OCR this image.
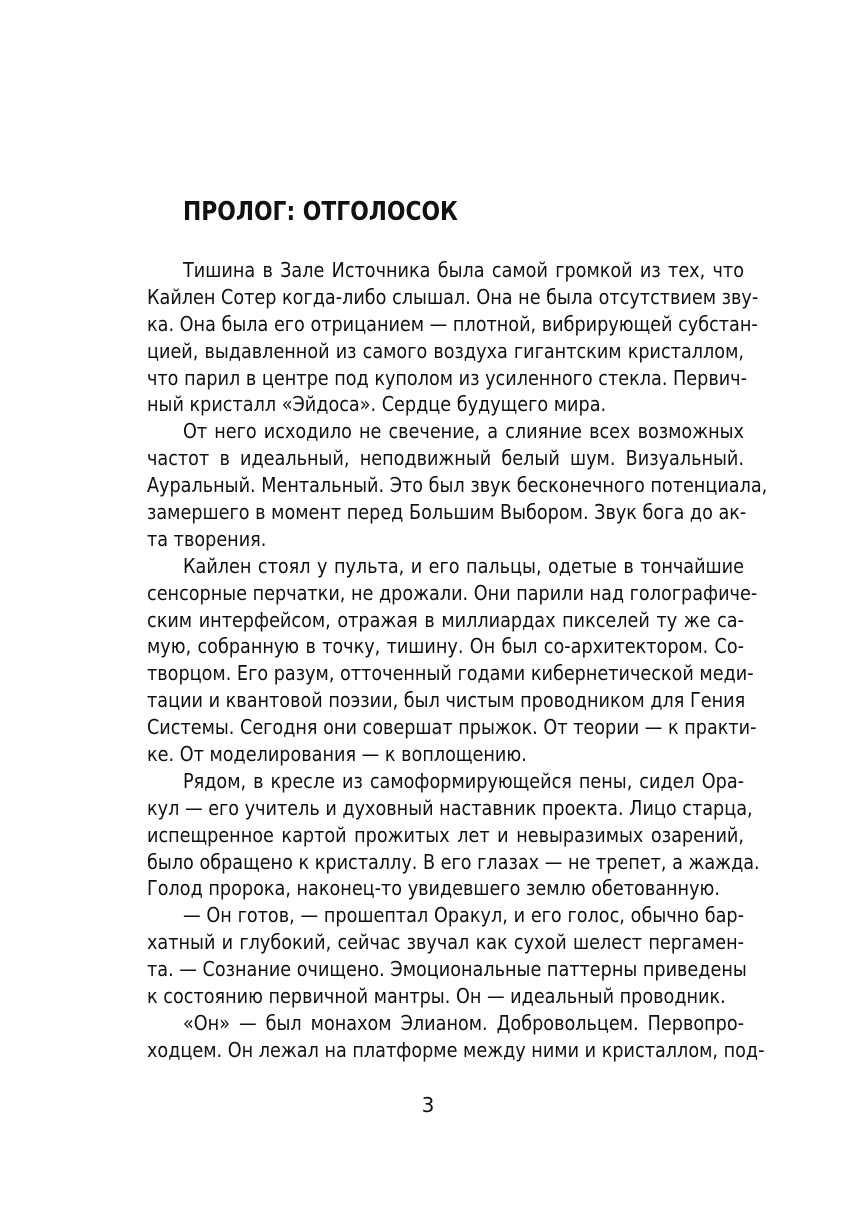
ПРОЛОГ: ОТГОЛОСОК
Тишина в Зале Источника была самой громкой из тех, что
Кайлен Сотер когда-либо слышал. Она не была отсутствием зву-
ка. Она была его отрицанием — плотной, вибрирующей субстан-
цией, выдавленной из самого воздуха гигантским кристаллом,
что парил в центре под куполом из усиленного стекла. Первич-
ный кристалл «Эйдоса». Сердце будущего мира.
От него исходило не свечение, а слияние всех возможных
частот в идеальный, неподвижный белый шум. Визуальный.
Аурaльный. Ментальный. Это был звук бесконечного потенциала,
замершего в момент перед Большим Выбором. Звук бога до ак-
та творения.
Кайлен стоял у пульта, и его пальцы, одетые в тончайшие
сенсорные перчатки, не дрожали. Они парили над голографиче-
ским интерфейсом, отражая в миллиардах пикселей ту же са-
мую, собранную в точку, тишину. Он был со-архитектором. Со-
творцом. Его разум, отточенный годами кибернетической меди-
тации и квантовой поэзии, был чистым проводником для Гения
Системы. Сегодня они совершат прыжок. От теории — к практи-
ке. От моделирования — к воплощению.
Рядом, в кресле из самоформирующейся пены, сидел Ора-
кул — его учитель и духовный наставник проекта. Лицо старца,
испещренное картой прожитых лет и невыразимых озарений,
было обращено к кристаллу. В его глазах — не трепет, а жажда.
Голод пророка, наконец-то увидевшего землю обетованную.
— Он готов, — прошептал Оракул, и его голос, обычно бар-
хатный и глубокий, сейчас звучал как сухой шелест пергамен-
та. — Сознание очищено. Эмоциональные паттерны приведены
к состоянию первичной мантры. Он — идеальный проводник.
«Он» — был монахом Элианом. Добровольцем. Первопро-
ходцем. Он лежал на платформе между ними и кристаллом, под-
3
